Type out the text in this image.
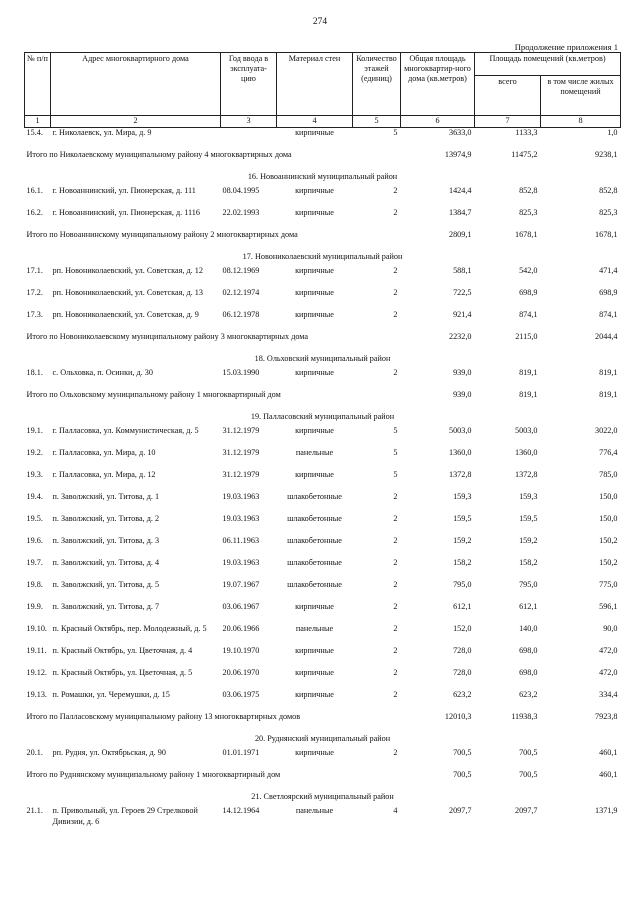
274
Продолжение приложения 1
№ п/п	Адрес многоквартирного дома	Год ввода в эксплуата-цию	Материал стен	Количество этажей (единиц)	Общая площадь многоквартир-ного дома (кв.метров)	Площадь помещений (кв.метров)	
						всего	в том числе жилых помещений
1	2	3	4	5	6	7	8
15.4.	г. Николаевск, ул. Мира, д. 9		кирпичные	5	3633,0	1133,3	1,0
Итого по Николаевскому муниципальному району 4 многоквартирных дома					13974,9	11475,2	9238,1
16. Новоаннинский муниципальный район							
16.1.	г. Новоаннинский, ул. Пионерская, д. 111	08.04.1995	кирпичные	2	1424,4	852,8	852,8
16.2.	г. Новоаннинский, ул. Пионерская, д. 1116	22.02.1993	кирпичные	2	1384,7	825,3	825,3
Итого по Новоаннинскому муниципальному району 2 многоквартирных дома					2809,1	1678,1	1678,1
17. Новониколаевский муниципальный район							
17.1.	рп. Новониколаевский, ул. Советская, д. 12	08.12.1969	кирпичные	2	588,1	542,0	471,4
17.2.	рп. Новониколаевский, ул. Советская, д. 13	02.12.1974	кирпичные	2	722,5	698,9	698,9
17.3.	рп. Новониколаевский, ул. Советская, д. 9	06.12.1978	кирпичные	2	921,4	874,1	874,1
Итого по Новониколаевскому муниципальному району 3 многоквартирных дома					2232,0	2115,0	2044,4
18. Ольховский муниципальный район							
18.1.	с. Ольховка, п. Осинки, д. 30	15.03.1990	кирпичные	2	939,0	819,1	819,1
Итого по Ольховскому муниципальному району 1 многоквартирный дом					939,0	819,1	819,1
19. Палласовский муниципальный район							
19.1.	г. Палласовка, ул. Коммунистическая, д. 5	31.12.1979	кирпичные	5	5003,0	5003,0	3022,0
19.2.	г. Палласовка, ул. Мира, д. 10	31.12.1979	панельные	5	1360,0	1360,0	776,4
19.3.	г. Палласовка, ул. Мира, д. 12	31.12.1979	кирпичные	5	1372,8	1372,8	785,0
19.4.	п. Заволжский, ул. Титова, д. 1	19.03.1963	шлакобетонные	2	159,3	159,3	150,0
19.5.	п. Заволжский, ул. Титова, д. 2	19.03.1963	шлакобетонные	2	159,5	159,5	150,0
19.6.	п. Заволжский, ул. Титова, д. 3	06.11.1963	шлакобетонные	2	159,2	159,2	150,2
19.7.	п. Заволжский, ул. Титова, д. 4	19.03.1963	шлакобетонные	2	158,2	158,2	150,2
19.8.	п. Заволжский, ул. Титова, д. 5	19.07.1967	шлакобетонные	2	795,0	795,0	775,0
19.9.	п. Заволжский, ул. Титова, д. 7	03.06.1967	кирпичные	2	612,1	612,1	596,1
19.10.	п. Красный Октябрь, пер. Молодежный, д. 5	20.06.1966	панельные	2	152,0	140,0	90,0
19.11.	п. Красный Октябрь, ул. Цветочная, д. 4	19.10.1970	кирпичные	2	728,0	698,0	472,0
19.12.	п. Красный Октябрь, ул. Цветочная, д. 5	20.06.1970	кирпичные	2	728,0	698,0	472,0
19.13.	п. Ромашки, ул. Черемушки, д. 15	03.06.1975	кирпичные	2	623,2	623,2	334,4
Итого по Палласовскому муниципальному району 13 многоквартирных домов					12010,3	11938,3	7923,8
20. Руднянский муниципальный район							
20.1.	рп. Рудня, ул. Октябрьская, д. 90	01.01.1971	кирпичные	2	700,5	700,5	460,1
Итого по Руднянскому муниципальному району 1 многоквартирный дом					700,5	700,5	460,1
21. Светлоярский муниципальный район							
21.1.	п. Привольный, ул. Героев 29 Стрелковой Дивизии, д. 6	14.12.1964	панельные	4	2097,7	2097,7	1371,9
